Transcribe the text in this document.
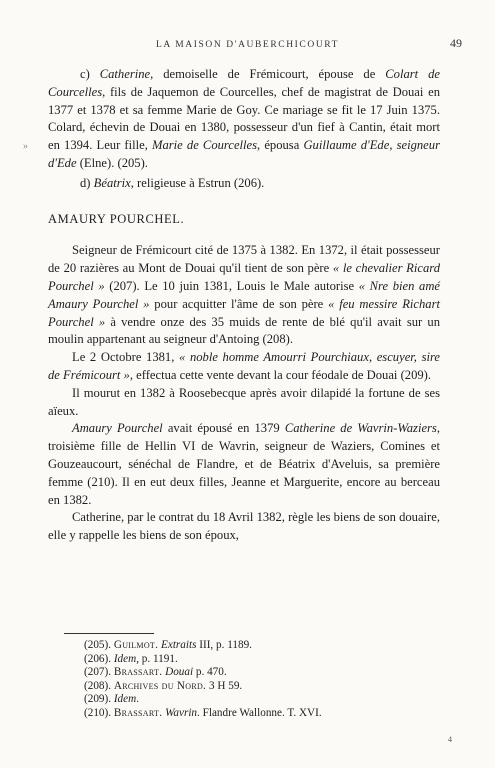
LA MAISON D'AUBERCHICOURT	49
»

c) Catherine, demoiselle de Frémicourt, épouse de Colart de Courcelles, fils de Jaquemon de Courcelles, chef de magistrat de Douai en 1377 et 1378 et sa femme Marie de Goy. Ce mariage se fit le 17 Juin 1375. Colard, échevin de Douai en 1380, possesseur d'un fief à Cantin, était mort en 1394. Leur fille, Marie de Courcelles, épousa Guillaume d'Ede, seigneur d'Ede (Elne). (205).

d) Béatrix, religieuse à Estrun (206).

AMAURY POURCHEL.

Seigneur de Frémicourt cité de 1375 à 1382. En 1372, il était possesseur de 20 razières au Mont de Douai qu'il tient de son père « le chevalier Ricard Pourchel » (207). Le 10 juin 1381, Louis le Male autorise « Nre bien amé Amaury Pourchel » pour acquitter l'âme de son père « feu messire Richart Pourchel » à vendre onze des 35 muids de rente de blé qu'il avait sur un moulin appartenant au seigneur d'Antoing (208).

Le 2 Octobre 1381, « noble homme Amourri Pourchiaux, escuyer, sire de Frémicourt », effectua cette vente devant la cour féodale de Douai (209).

Il mourut en 1382 à Roosebecque après avoir dilapidé la fortune de ses aïeux.

Amaury Pourchel avait épousé en 1379 Catherine de Wavrin-Waziers, troisième fille de Hellin VI de Wavrin, seigneur de Waziers, Comines et Gouzeaucourt, sénéchal de Flandre, et de Béatrix d'Aveluis, sa première femme (210). Il en eut deux filles, Jeanne et Marguerite, encore au berceau en 1382.

Catherine, par le contrat du 18 Avril 1382, règle les biens de son douaire, elle y rappelle les biens de son époux,

(205). Guilmot. Extraits III, p. 1189.
(206). Idem, p. 1191.
(207). Brassart. Douai p. 470.
(208). Archives du Nord. 3 H 59.
(209). Idem.
(210). Brassart. Wavrin. Flandre Wallonne. T. XVI.
4
